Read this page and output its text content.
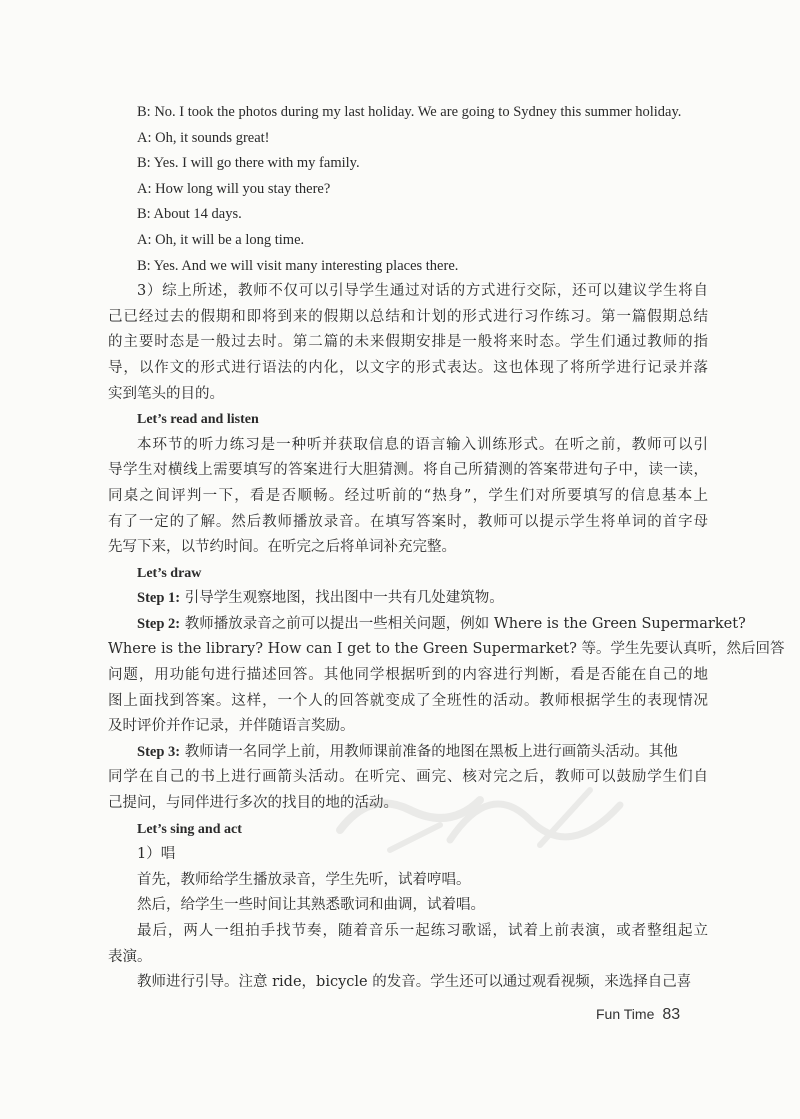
B: No. I took the photos during my last holiday. We are going to Sydney this summer holiday.
A: Oh, it sounds great!
B: Yes. I will go there with my family.
A: How long will you stay there?
B: About 14 days.
A: Oh, it will be a long time.
B: Yes. And we will visit many interesting places there.
3）综上所述，教师不仅可以引导学生通过对话的方式进行交际，还可以建议学生将自
己已经过去的假期和即将到来的假期以总结和计划的形式进行习作练习。第一篇假期总结
的主要时态是一般过去时。第二篇的未来假期安排是一般将来时态。学生们通过教师的指
导，以作文的形式进行语法的内化，以文字的形式表达。这也体现了将所学进行记录并落
实到笔头的目的。
Let’s read and listen
本环节的听力练习是一种听并获取信息的语言输入训练形式。在听之前，教师可以引
导学生对横线上需要填写的答案进行大胆猜测。将自己所猜测的答案带进句子中，读一读，
同桌之间评判一下，看是否顺畅。经过听前的“热身”，学生们对所要填写的信息基本上
有了一定的了解。然后教师播放录音。在填写答案时，教师可以提示学生将单词的首字母
先写下来，以节约时间。在听完之后将单词补充完整。
Let’s draw
Step 1: 引导学生观察地图，找出图中一共有几处建筑物。
Step 2: 教师播放录音之前可以提出一些相关问题，例如 Where is the Green Supermarket?
Where is the library? How can I get to the Green Supermarket? 等。学生先要认真听，然后回答
问题，用功能句进行描述回答。其他同学根据听到的内容进行判断，看是否能在自己的地
图上面找到答案。这样，一个人的回答就变成了全班性的活动。教师根据学生的表现情况
及时评价并作记录，并伴随语言奖励。
Step 3: 教师请一名同学上前，用教师课前准备的地图在黑板上进行画箭头活动。其他
同学在自己的书上进行画箭头活动。在听完、画完、核对完之后，教师可以鼓励学生们自
己提问，与同伴进行多次的找目的地的活动。
Let’s sing and act
1）唱
首先，教师给学生播放录音，学生先听，试着哼唱。
然后，给学生一些时间让其熟悉歌词和曲调，试着唱。
最后，两人一组拍手找节奏，随着音乐一起练习歌谣，试着上前表演，或者整组起立
表演。
教师进行引导。注意 ride，bicycle 的发音。学生还可以通过观看视频，来选择自己喜
Fun Time 83
